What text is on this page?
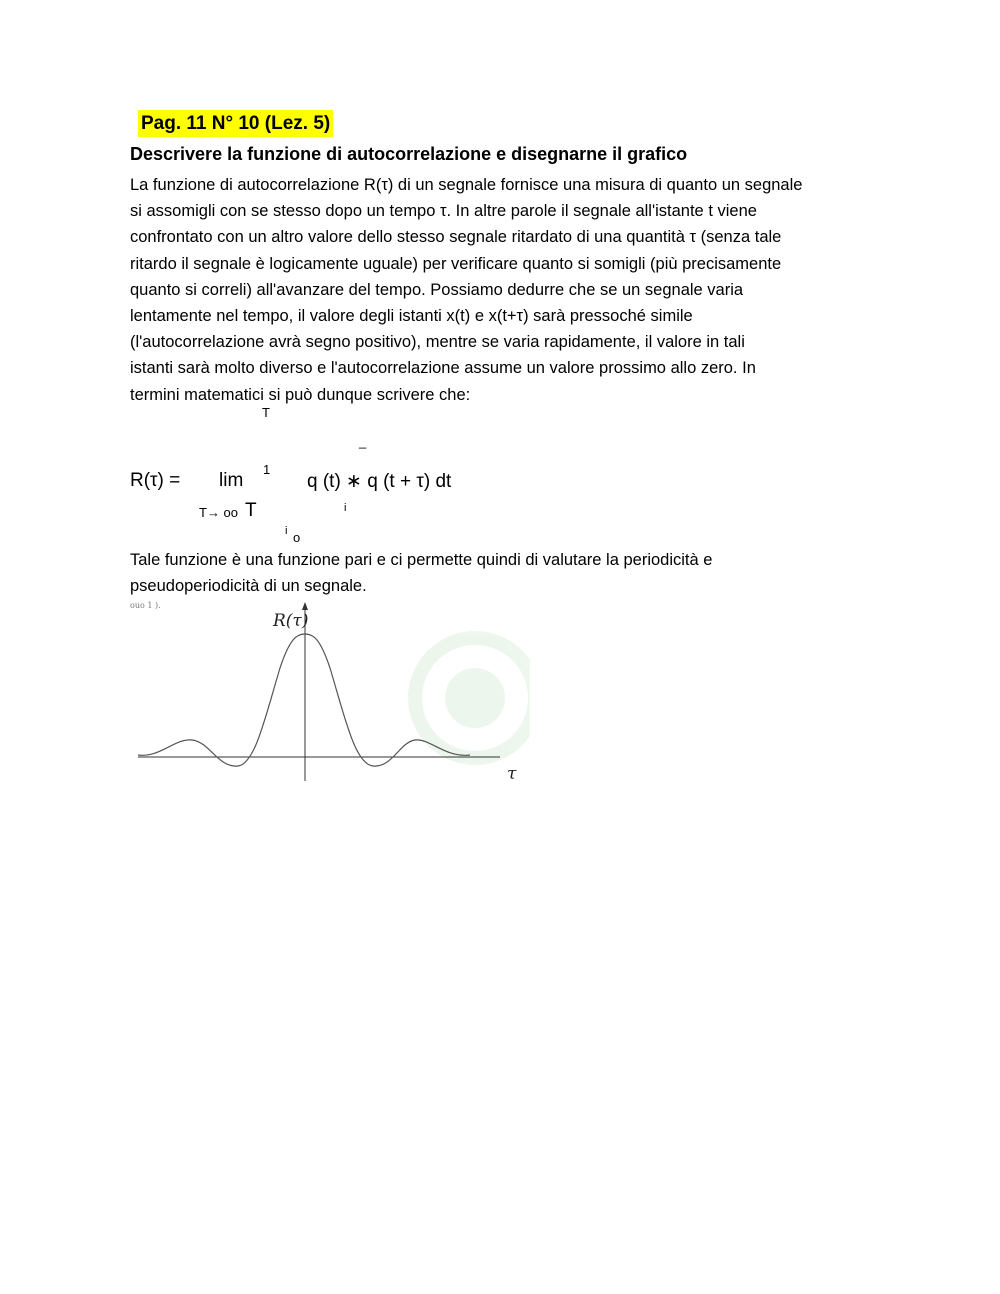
·
Pag. 11 N° 10 (Lez. 5)
Descrivere la funzione di autocorrelazione e disegnarne il grafico
La funzione di autocorrelazione R(τ) di un segnale fornisce una misura di quanto un segnale
si assomigli con se stesso dopo un tempo τ. In altre parole il segnale all'istante t viene
confrontato con un altro valore dello stesso segnale ritardato di una quantità τ (senza tale
ritardo il segnale è logicamente uguale) per verificare quanto si somigli (più precisamente
quanto si correli) all'avanzare del tempo. Possiamo dedurre che se un segnale varia
lentamente nel tempo, il valore degli istanti x(t) e x(t+τ) sarà pressoché simile
(l'autocorrelazione avrà segno positivo), mentre se varia rapidamente, il valore in tali
istanti sarà molto diverso e l'autocorrelazione assume un valore prossimo allo zero. In
termini matematici si può dunque scrivere che:
T
_
R(τ) = lim
1
q (t) ∗ q (t + τ) dt
T→ oo T	i
i o
Tale funzione è una funzione pari e ci permette quindi di valutare la periodicità e
pseudoperiodicità di un segnale.
ouo 1 ).
R(τ)
τ
